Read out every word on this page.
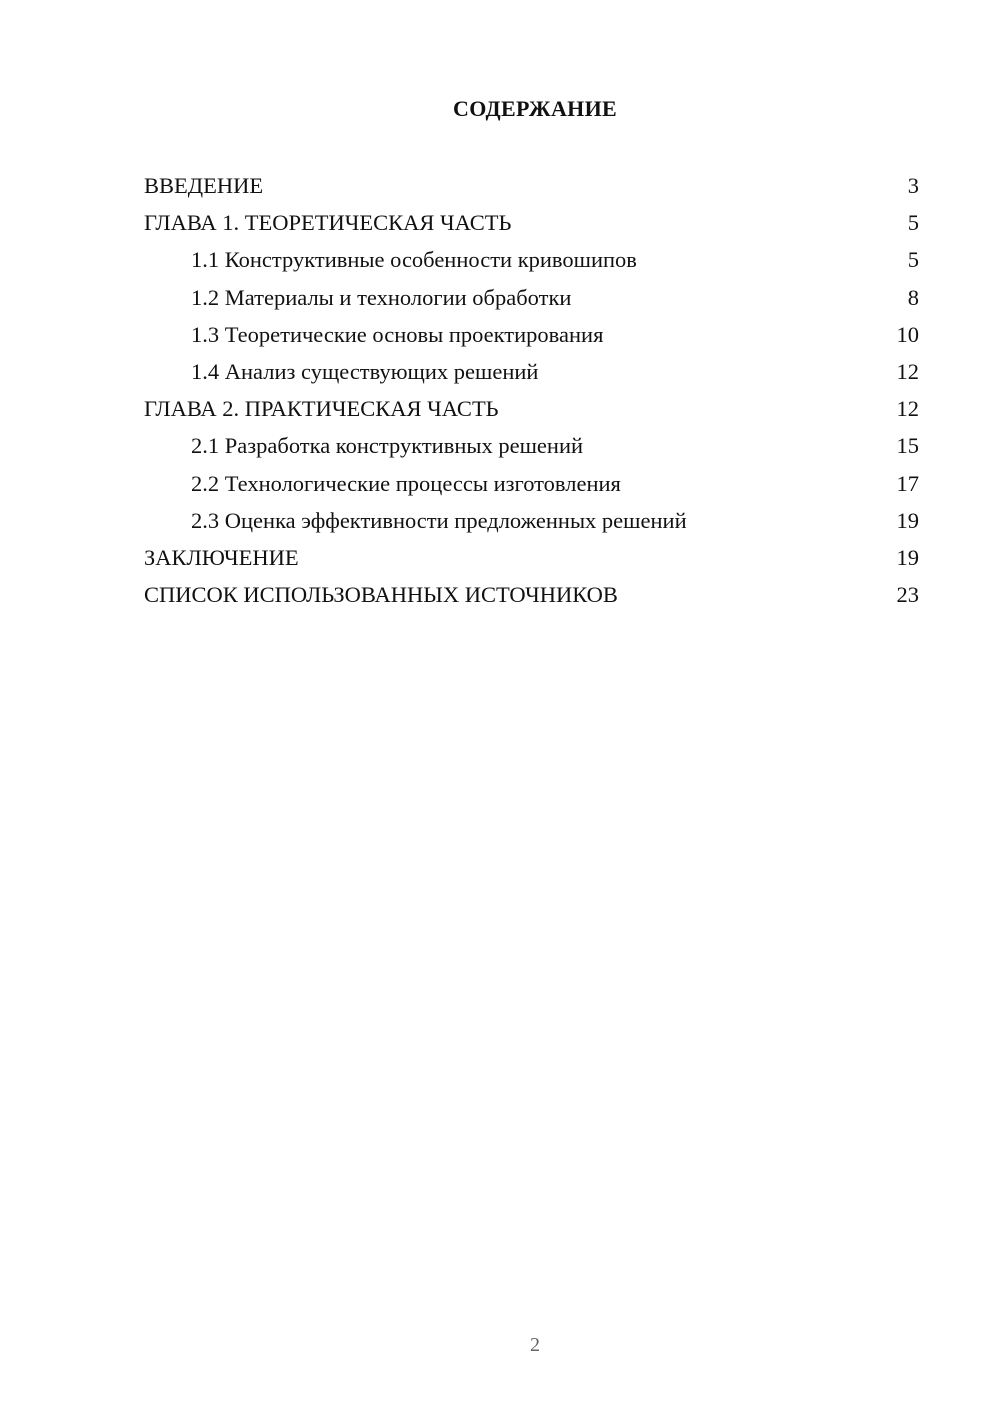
СОДЕРЖАНИЕ
ВВЕДЕНИЕ	3
ГЛАВА 1. ТЕОРЕТИЧЕСКАЯ ЧАСТЬ	5
1.1 Конструктивные особенности кривошипов	5
1.2 Материалы и технологии обработки	8
1.3 Теоретические основы проектирования	10
1.4 Анализ существующих решений	12
ГЛАВА 2. ПРАКТИЧЕСКАЯ ЧАСТЬ	12
2.1 Разработка конструктивных решений	15
2.2 Технологические процессы изготовления	17
2.3 Оценка эффективности предложенных решений	19
ЗАКЛЮЧЕНИЕ	19
СПИСОК ИСПОЛЬЗОВАННЫХ ИСТОЧНИКОВ	23
2
